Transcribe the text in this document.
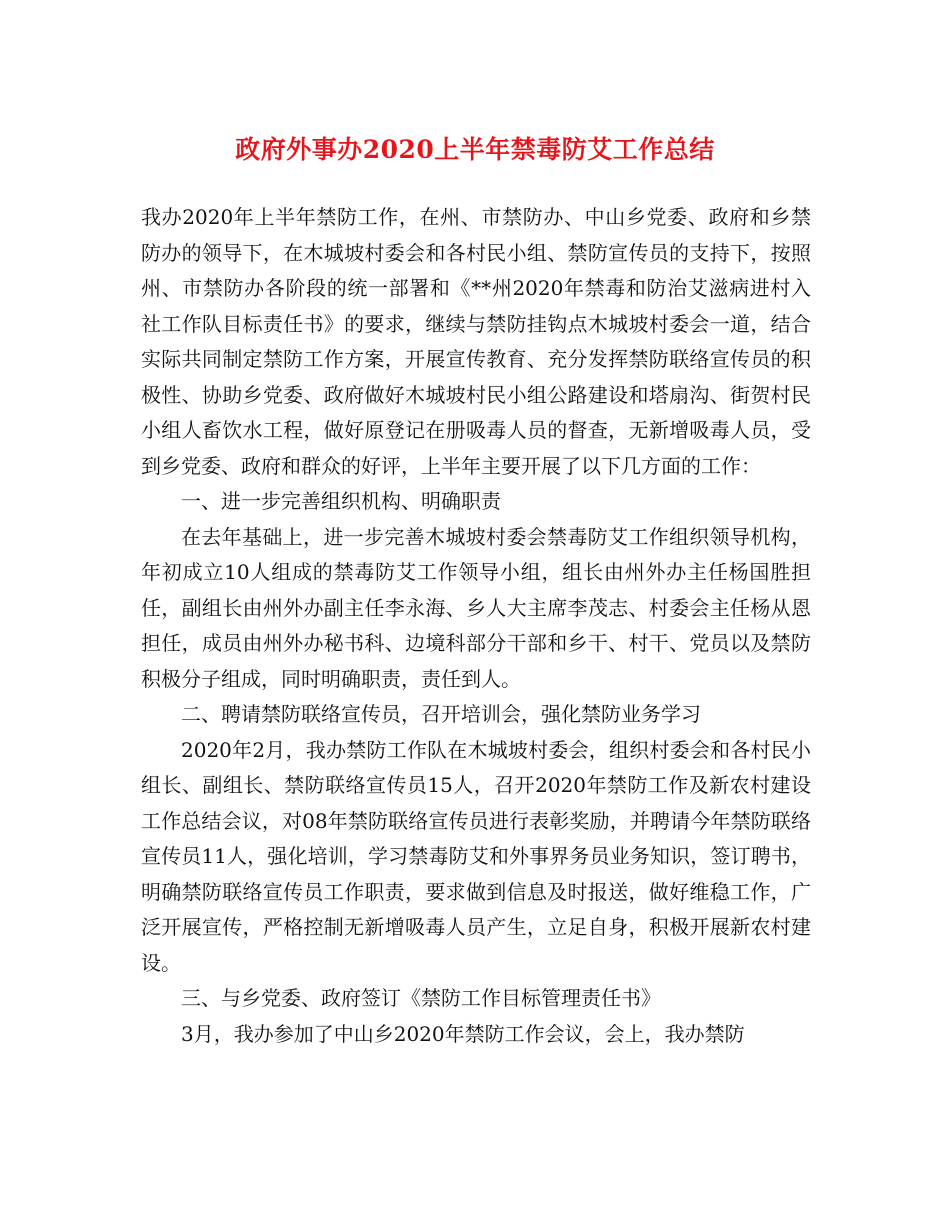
政府外事办2020上半年禁毒防艾工作总结

我办2020年上半年禁防工作，在州、市禁防办、中山乡党委、政府和乡禁防办的领导下，在木城坡村委会和各村民小组、禁防宣传员的支持下，按照州、市禁防办各阶段的统一部署和《**州2020年禁毒和防治艾滋病进村入社工作队目标责任书》的要求，继续与禁防挂钩点木城坡村委会一道，结合实际共同制定禁防工作方案，开展宣传教育、充分发挥禁防联络宣传员的积极性、协助乡党委、政府做好木城坡村民小组公路建设和塔扇沟、街贺村民小组人畜饮水工程，做好原登记在册吸毒人员的督查，无新增吸毒人员，受到乡党委、政府和群众的好评，上半年主要开展了以下几方面的工作：

一、进一步完善组织机构、明确职责

在去年基础上，进一步完善木城坡村委会禁毒防艾工作组织领导机构，年初成立10人组成的禁毒防艾工作领导小组，组长由州外办主任杨国胜担任，副组长由州外办副主任李永海、乡人大主席李茂志、村委会主任杨从恩担任，成员由州外办秘书科、边境科部分干部和乡干、村干、党员以及禁防积极分子组成，同时明确职责，责任到人。

二、聘请禁防联络宣传员，召开培训会，强化禁防业务学习

2020年2月，我办禁防工作队在木城坡村委会，组织村委会和各村民小组长、副组长、禁防联络宣传员15人，召开2020年禁防工作及新农村建设工作总结会议，对08年禁防联络宣传员进行表彰奖励，并聘请今年禁防联络宣传员11人，强化培训，学习禁毒防艾和外事界务员业务知识，签订聘书，明确禁防联络宣传员工作职责，要求做到信息及时报送，做好维稳工作，广泛开展宣传，严格控制无新增吸毒人员产生，立足自身，积极开展新农村建设。

三、与乡党委、政府签订《禁防工作目标管理责任书》

3月，我办参加了中山乡2020年禁防工作会议，会上，我办禁防
